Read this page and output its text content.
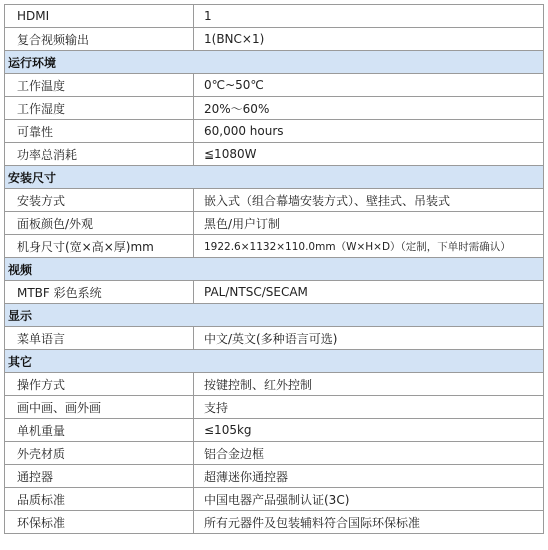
HDMI	1
复合视频输出	1(BNC×1)
运行环境	
工作温度	0℃~50℃
工作湿度	20%～60%
可靠性	60,000 hours
功率总消耗	≦1080W
安装尺寸	
安装方式	嵌入式（组合幕墙安装方式）、壁挂式、吊装式
面板颜色/外观	黑色/用户订制
机身尺寸(宽×高×厚)mm	1922.6×1132×110.0mm（W×H×D）（定制，下单时需确认）
视频	
MTBF 彩色系统	PAL/NTSC/SECAM
显示	
菜单语言	中文/英文(多种语言可选)
其它	
操作方式	按键控制、红外控制
画中画、画外画	支持
单机重量	≤105kg
外壳材质	铝合金边框
通控器	超薄迷你通控器
品质标准	中国电器产品强制认证(3C)
环保标准	所有元器件及包装辅料符合国际环保标准
